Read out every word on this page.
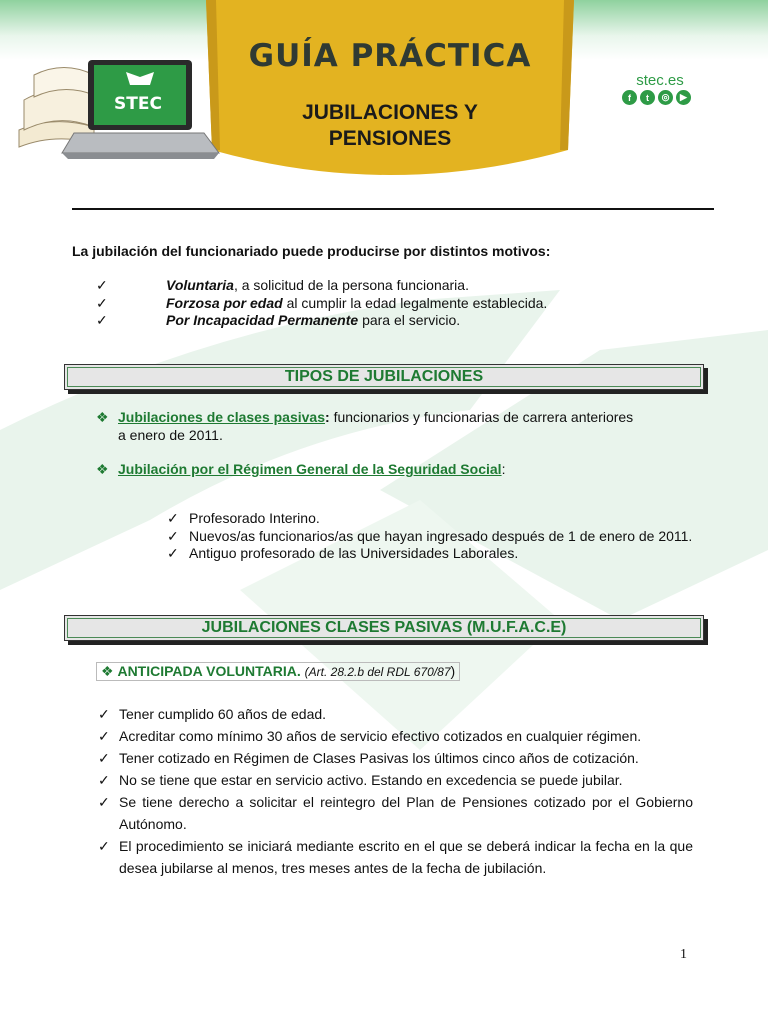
GUÍA PRÁCTICA
JUBILACIONES Y
PENSIONES
STEC
stec.es
f	t	◎	▶
La jubilación del funcionariado puede producirse por distintos motivos:
✓	Voluntaria, a solicitud de la persona funcionaria.
✓	Forzosa por edad al cumplir la edad legalmente establecida.
✓	Por Incapacidad Permanente para el servicio.
TIPOS DE JUBILACIONES
❖ Jubilaciones de clases pasivas: funcionarios y funcionarias de carrera anteriores
a enero de 2011.
❖ Jubilación por el Régimen General de la Seguridad Social:
✓ Profesorado Interino.
✓ Nuevos/as funcionarios/as que hayan ingresado después de 1 de enero de 2011.
✓ Antiguo profesorado de las Universidades Laborales.
JUBILACIONES CLASES PASIVAS (M.U.F.A.C.E)
❖ ANTICIPADA VOLUNTARIA. (Art. 28.2.b del RDL 670/87)
✓ Tener cumplido 60 años de edad.
✓ Acreditar como mínimo 30 años de servicio efectivo cotizados en cualquier régimen.
✓ Tener cotizado en Régimen de Clases Pasivas los últimos cinco años de cotización.
✓ No se tiene que estar en servicio activo. Estando en excedencia se puede jubilar.
✓ Se tiene derecho a solicitar el reintegro del Plan de Pensiones cotizado por el Gobierno Autónomo.
✓ El procedimiento se iniciará mediante escrito en el que se deberá indicar la fecha en la que desea jubilarse al menos, tres meses antes de la fecha de jubilación.
1
